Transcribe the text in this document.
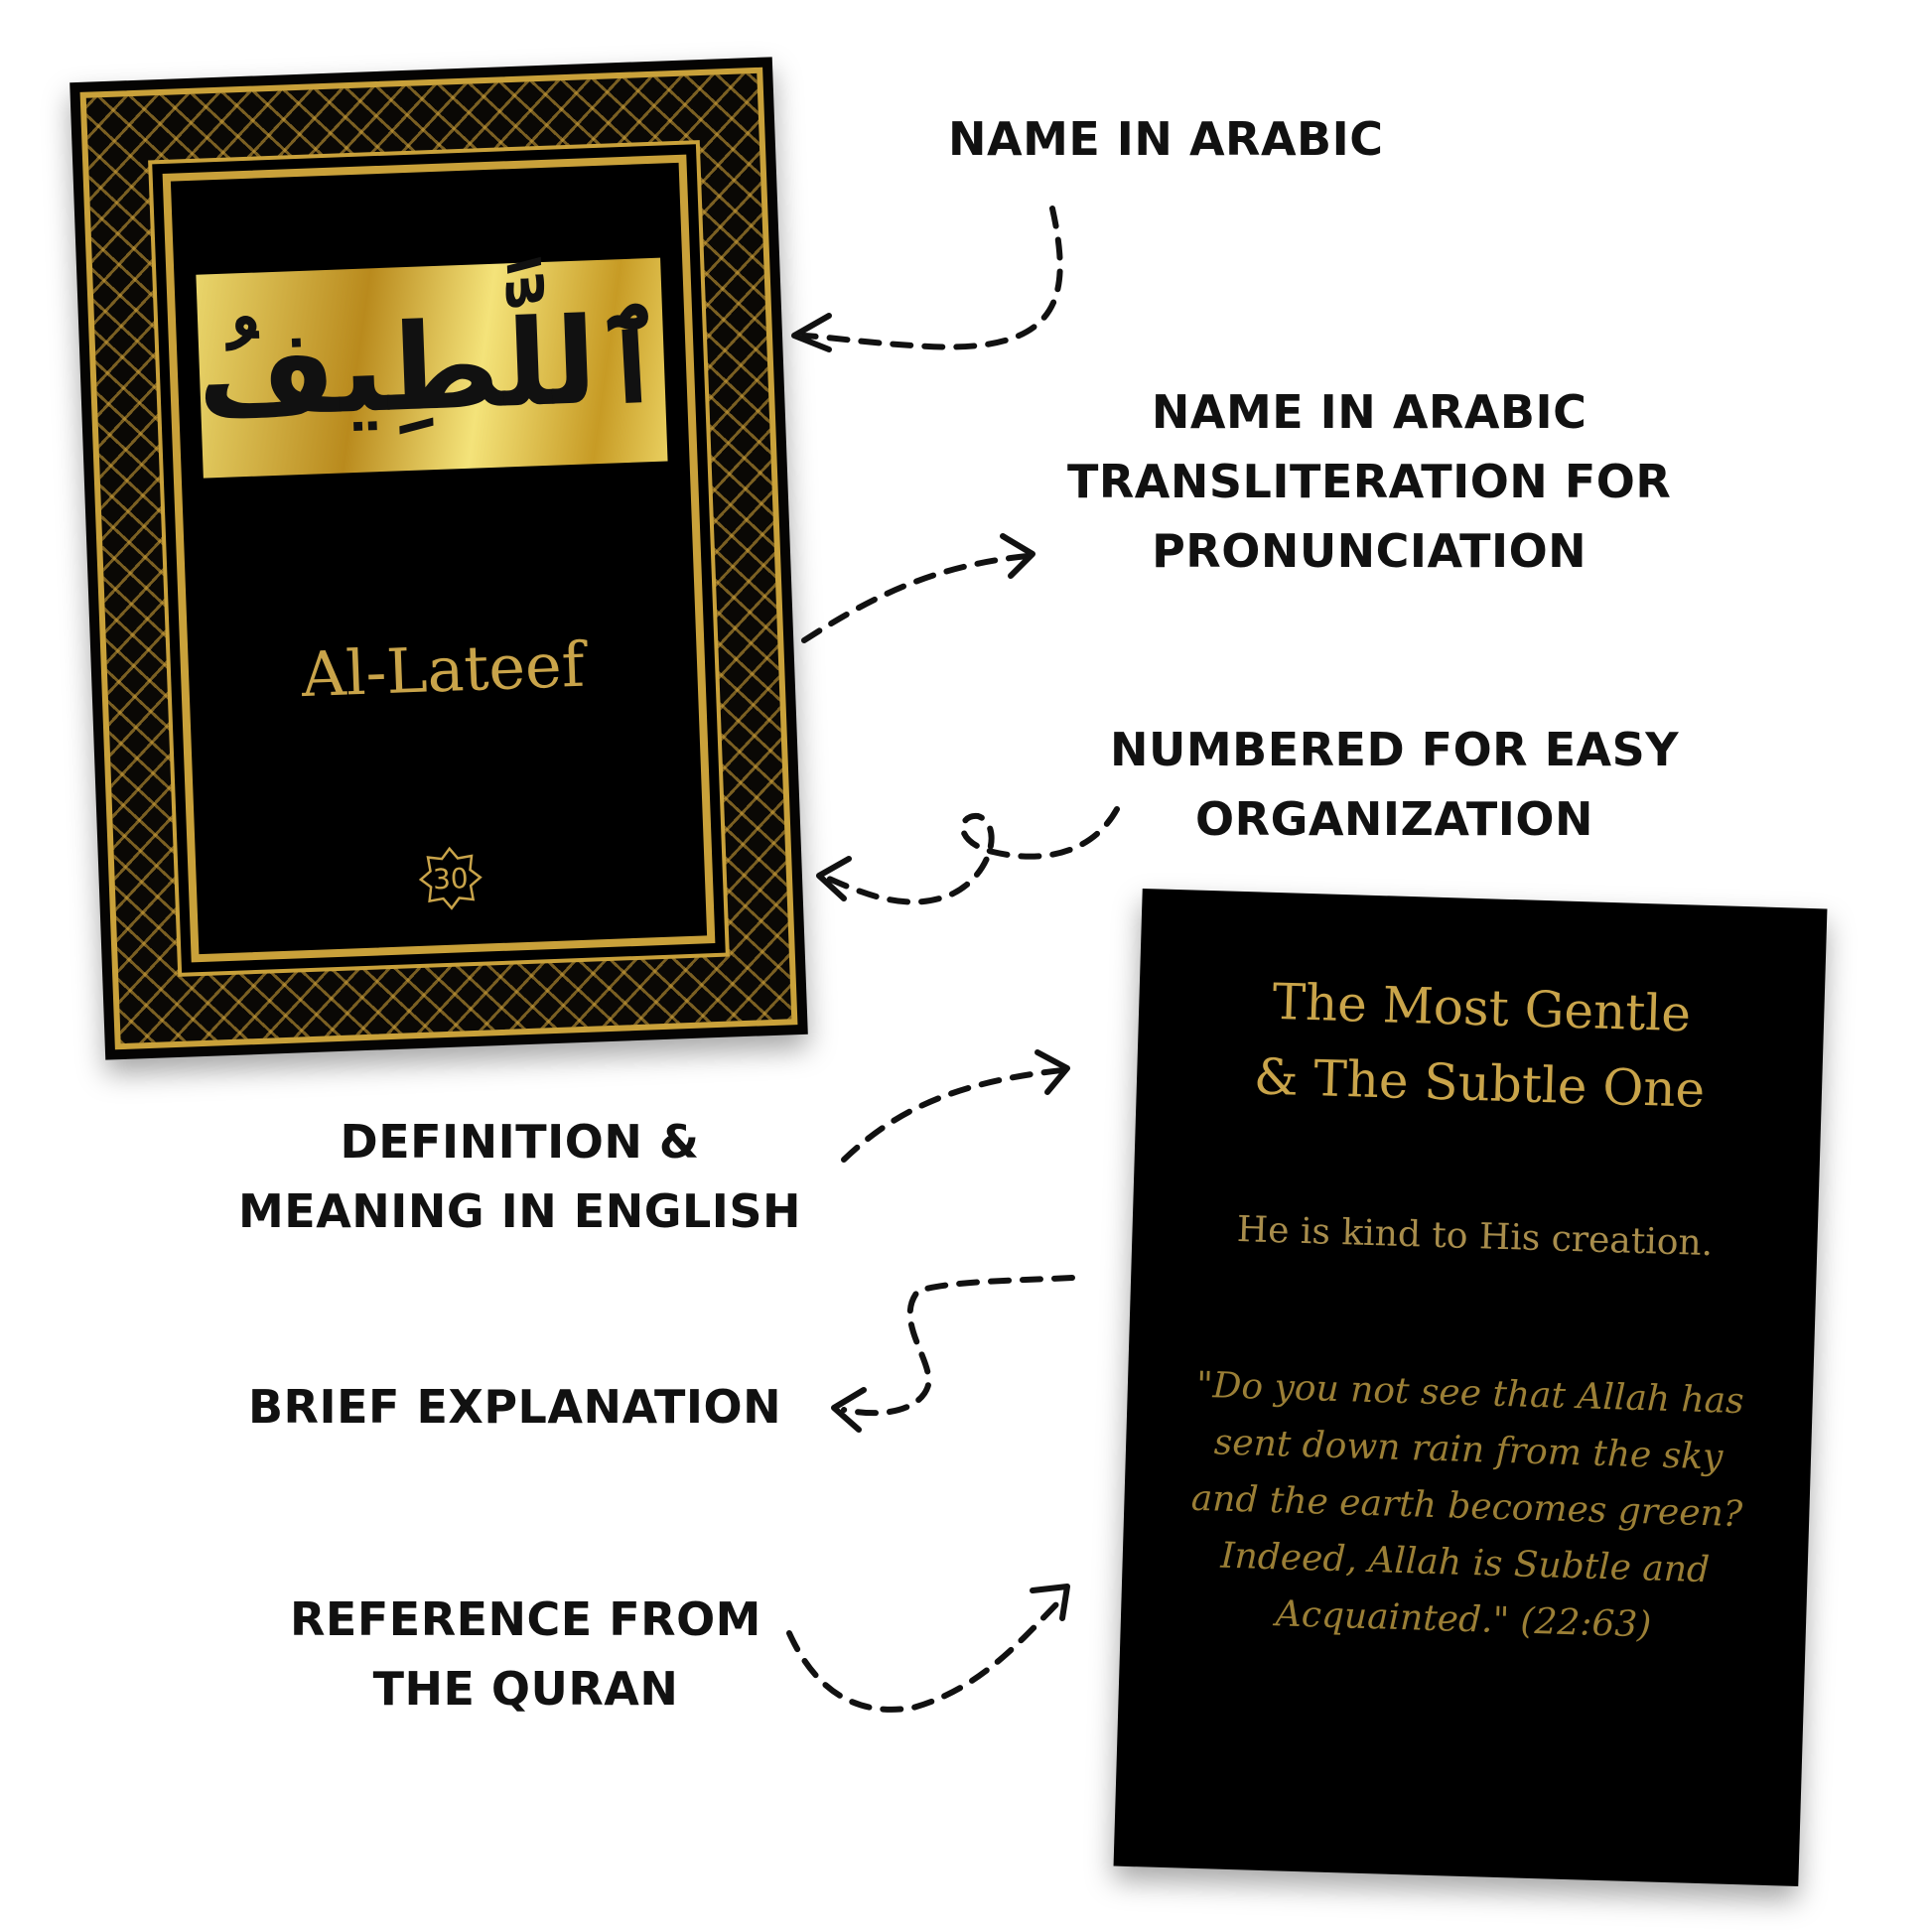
ٱللَّطِيفُ
Al-Lateef
30
The Most Gentle
& The Subtle One
He is kind to His creation.
"Do you not see that Allah has
sent down rain from the sky
and the earth becomes green?
Indeed, Allah is Subtle and
Acquainted." (22:63)
NAME IN ARABIC
NAME IN ARABIC
TRANSLITERATION FOR
PRONUNCIATION
NUMBERED FOR EASY
ORGANIZATION
DEFINITION &
MEANING IN ENGLISH
BRIEF EXPLANATION
REFERENCE FROM
THE QURAN
